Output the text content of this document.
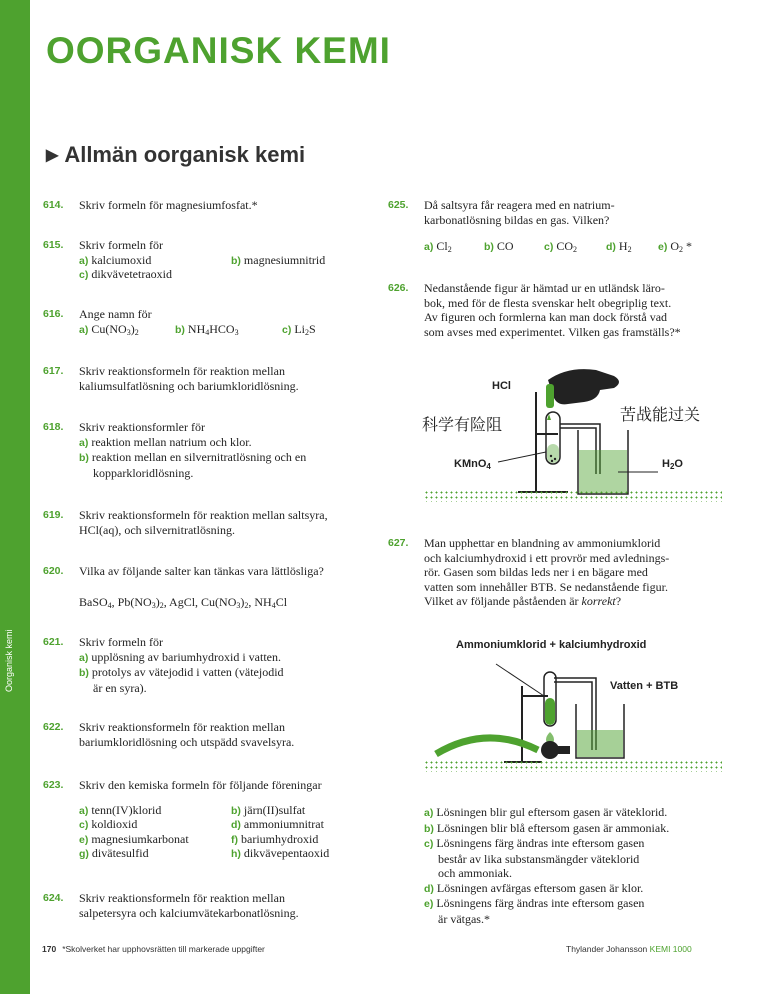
Oorganisk kemi
OORGANISK KEMI
▶ Allmän oorganisk kemi
614. Skriv formeln för magnesiumfosfat.*
615. Skriv formeln för
a) kalciumoxid	b) magnesiumnitrid
c) dikvävetetraoxid
616. Ange namn för
a) $Cu(NO_3)_2$	b) $NH_4HCO_3$	c) $Li_2S$
617. Skriv reaktionsformeln för reaktion mellan
kaliumsulfatlösning och bariumkloridlösning.
618. Skriv reaktionsformler för
a) reaktion mellan natrium och klor.
b) reaktion mellan en silvernitratlösning och en
kopparkloridlösning.
619. Skriv reaktionsformeln för reaktion mellan saltsyra,
HCl(aq), och silvernitratlösning.
620. Vilka av följande salter kan tänkas vara lättlösliga?
BaSO$_4$, $Pb(NO_3)_2$, AgCl, $Cu(NO_3)_2$, $NH_4Cl$
621. Skriv formeln för
a) upplösning av bariumhydroxid i vatten.
b) protolys av vätejodid i vatten (vätejodid
är en syra).
622. Skriv reaktionsformeln för reaktion mellan
bariumkloridlösning och utspädd svavelsyra.
623. Skriv den kemiska formeln för följande föreningar
a) tenn(IV)klorid	b) järn(II)sulfat
c) koldioxid	d) ammoniumnitrat
e) magnesiumkarbonat	f) bariumhydroxid
g) divätesulfid	h) dikvävepentaoxid
624. Skriv reaktionsformeln för reaktion mellan
salpetersyra och kalciumvätekarbonatlösning.
625. Då saltsyra får reagera med en natrium-
karbonatlösning bildas en gas. Vilken?
a) $Cl_2$	b) CO	c) $CO_2$	d) $H_2$	e) $O_2$ *
626. Nedanstående figur är hämtad ur en utländsk läro-
bok, med för de flesta svenskar helt obegriplig text.
Av figuren och formlerna kan man dock förstå vad
som avses med experimentet. Vilken gas framställs?*
HCl
科学有险阻
苦战能过关
KMnO$_4$	$H_2O$
627. Man upphettar en blandning av ammoniumklorid
och kalciumhydroxid i ett provrör med avlednings-
rör. Gasen som bildas leds ner i en bägare med
vatten som innehåller BTB. Se nedanstående figur.
Vilket av följande påståenden är korrekt?
Ammoniumklorid + kalciumhydroxid
Vatten + BTB
a) Lösningen blir gul eftersom gasen är väteklorid.
b) Lösningen blir blå eftersom gasen är ammoniak.
c) Lösningens färg ändras inte eftersom gasen
består av lika substansmängder väteklorid
och ammoniak.
d) Lösningen avfärgas eftersom gasen är klor.
e) Lösningens färg ändras inte eftersom gasen
är vätgas.*
170 *Skolverket har upphovsrätten till markerade uppgifter	Thylander Johansson KEMI 1000
